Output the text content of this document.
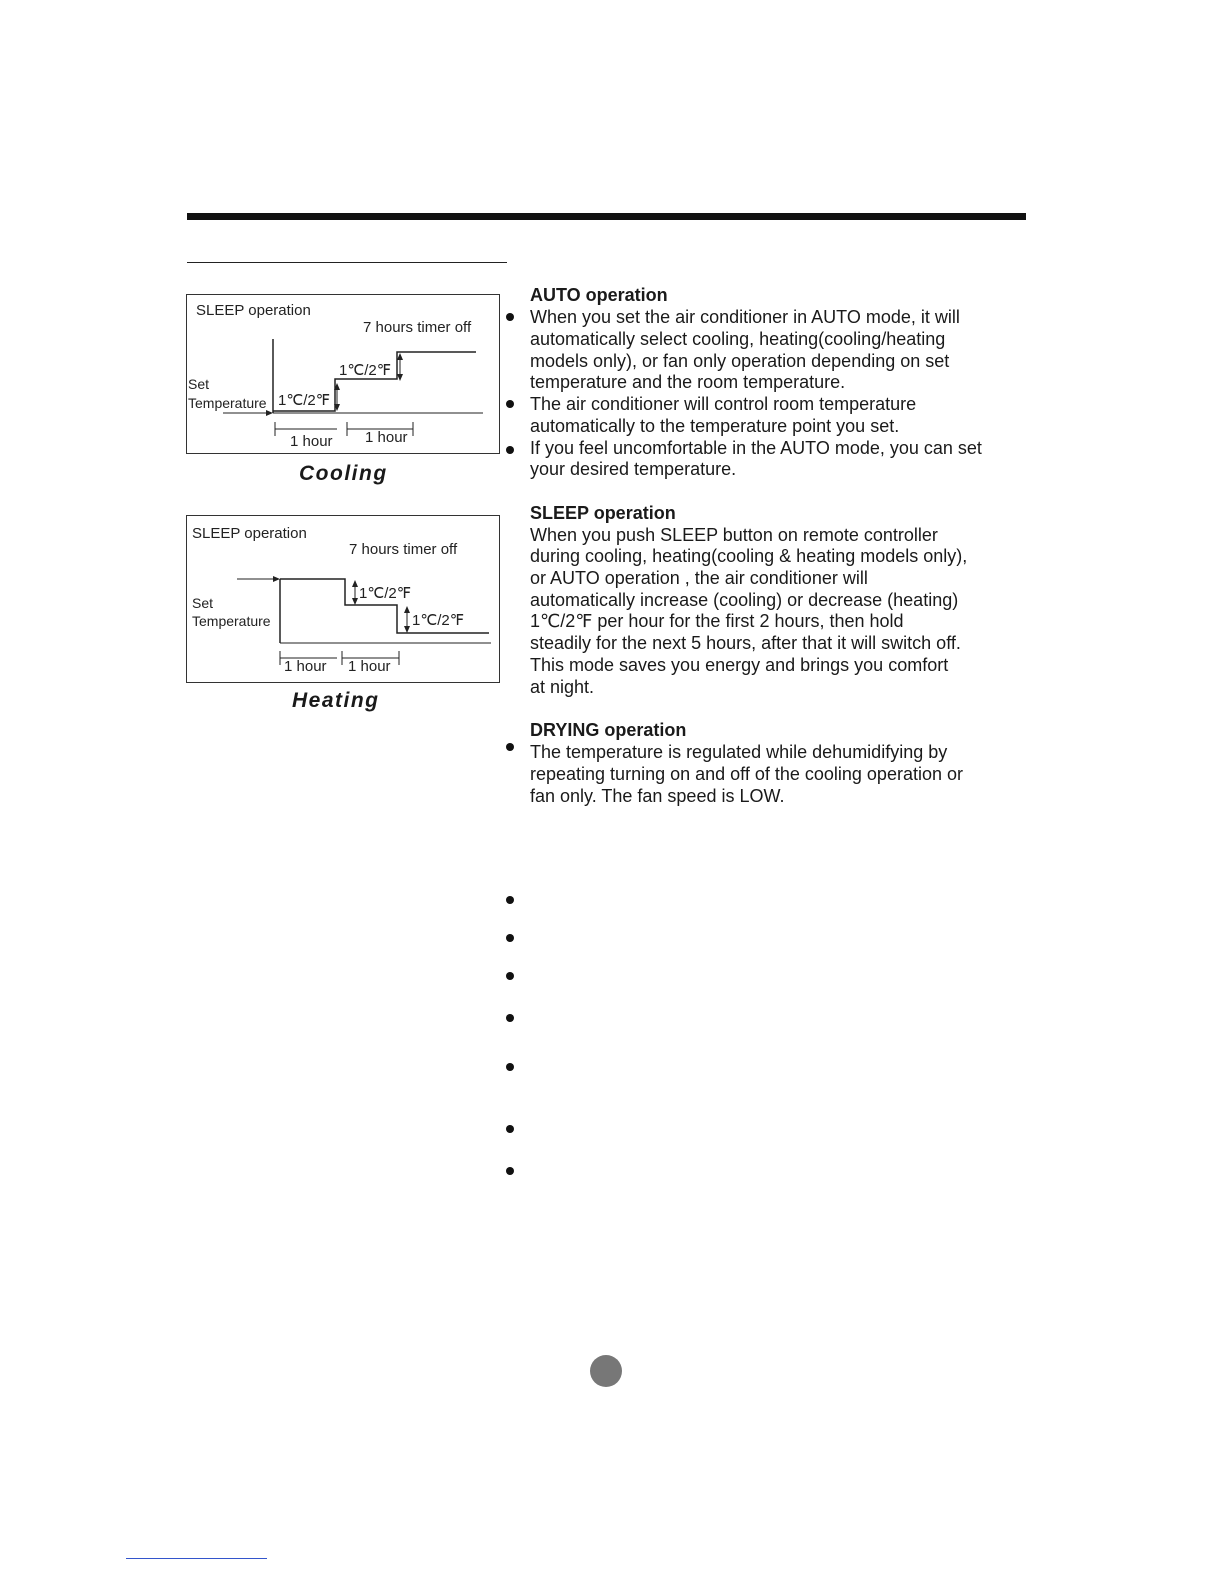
SLEEP operation
7 hours timer off
Set
Temperature 1℃/2℉
1℃/2℉
1 hour 1 hour
Cooling
SLEEP operation
7 hours timer off
Set
Temperature
1℃/2℉
1℃/2℉
1 hour 1 hour
Heating
AUTO operation
When you set the air conditioner in AUTO mode, it will
automatically select cooling, heating(cooling/heating
models only), or fan only operation depending on set
temperature and the room temperature.
The air conditioner will control room temperature
automatically to the temperature point you set.
If you feel uncomfortable in the AUTO mode, you can set
your desired temperature.
SLEEP operation
When you push SLEEP button on remote controller
during cooling, heating(cooling & heating models only),
or AUTO operation , the air conditioner will
automatically increase (cooling) or decrease (heating)
1℃/2℉ per hour for the first 2 hours, then hold
steadily for the next 5 hours, after that it will switch off.
This mode saves you energy and brings you comfort
at night.
DRYING operation
The temperature is regulated while dehumidifying by
repeating turning on and off of the cooling operation or
fan only. The fan speed is LOW.
